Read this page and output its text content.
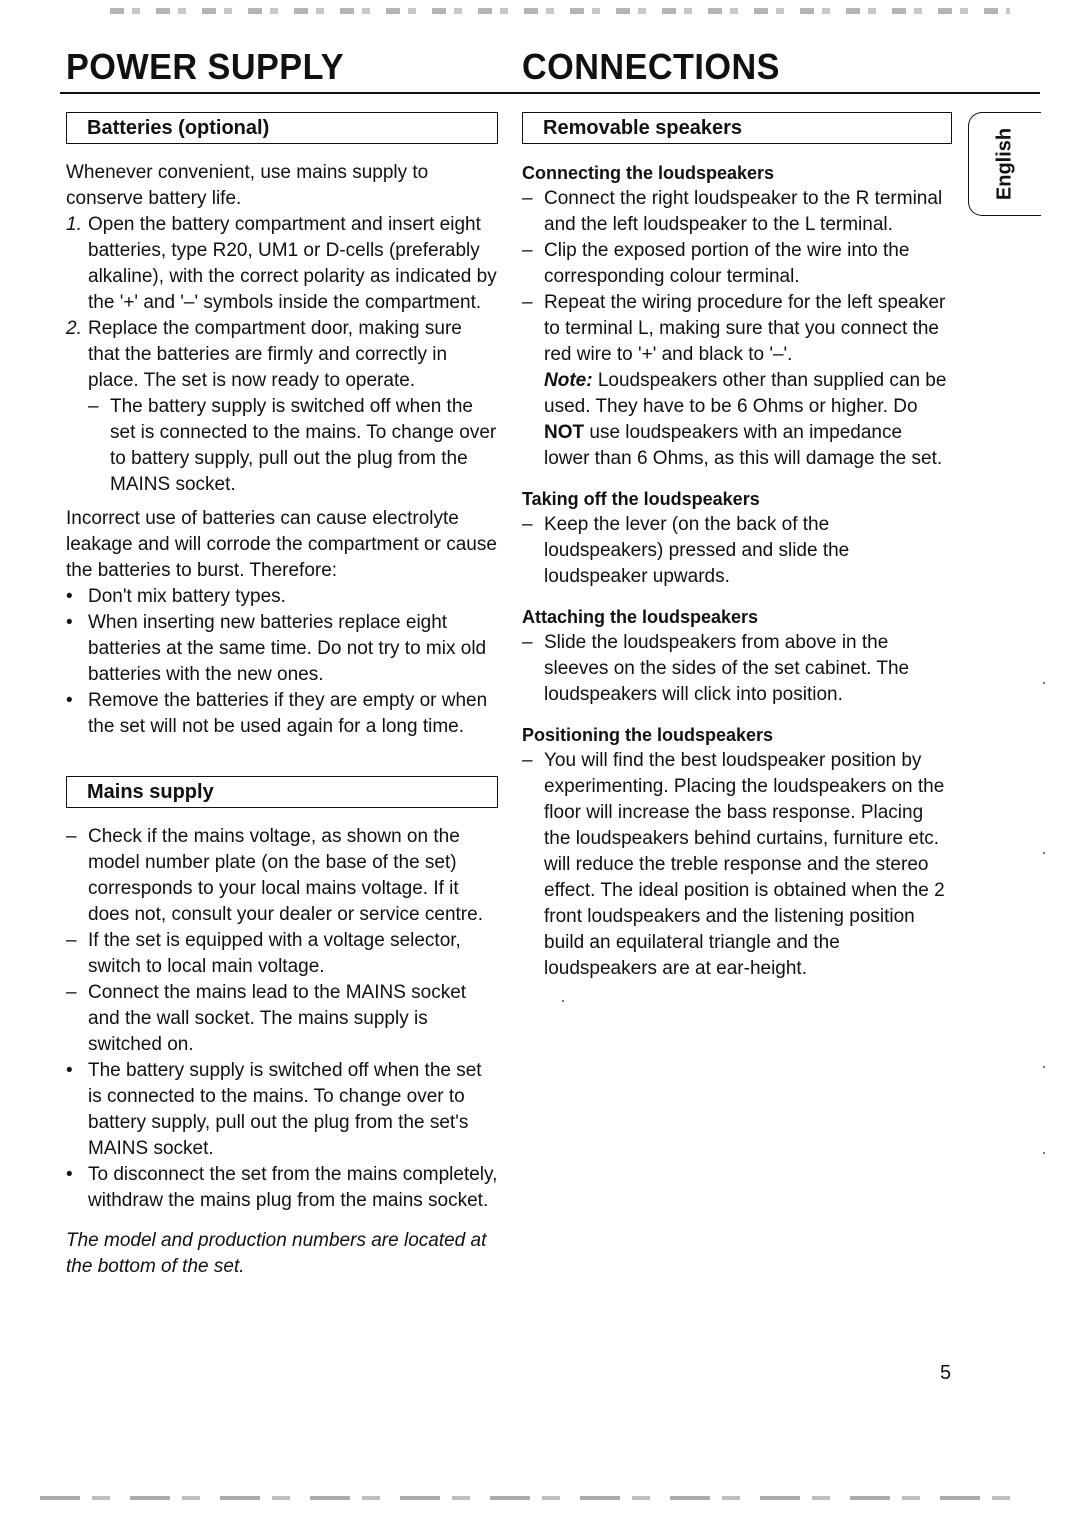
POWER SUPPLY	CONNECTIONS
Batteries (optional)

Whenever convenient, use mains supply to conserve battery life.

1. Open the battery compartment and insert eight batteries, type R20, UM1 or D-cells (preferably alkaline), with the correct polarity as indicated by the '+' and '–' symbols inside the compartment.
2. Replace the compartment door, making sure that the batteries are firmly and correctly in place. The set is now ready to operate.
– The battery supply is switched off when the set is connected to the mains. To change over to battery supply, pull out the plug from the MAINS socket.

Incorrect use of batteries can cause electrolyte leakage and will corrode the compartment or cause the batteries to burst. Therefore:

• Don't mix battery types.
• When inserting new batteries replace eight batteries at the same time. Do not try to mix old batteries with the new ones.
• Remove the batteries if they are empty or when the set will not be used again for a long time.
Mains supply
– Check if the mains voltage, as shown on the model number plate (on the base of the set) corresponds to your local mains voltage. If it does not, consult your dealer or service centre.
– If the set is equipped with a voltage selector, switch to local main voltage.
– Connect the mains lead to the MAINS socket and the wall socket. The mains supply is switched on.
• The battery supply is switched off when the set is connected to the mains. To change over to battery supply, pull out the plug from the set's MAINS socket.
• To disconnect the set from the mains completely, withdraw the mains plug from the mains socket.

The model and production numbers are located at the bottom of the set.

Removable speakers

Connecting the loudspeakers

– Connect the right loudspeaker to the R terminal and the left loudspeaker to the L terminal.
– Clip the exposed portion of the wire into the corresponding colour terminal.
– Repeat the wiring procedure for the left speaker to terminal L, making sure that you connect the red wire to '+' and black to '–'.

Note: Loudspeakers other than supplied can be used. They have to be 6 Ohms or higher. Do NOT use loudspeakers with an impedance lower than 6 Ohms, as this will damage the set.

Taking off the loudspeakers

– Keep the lever (on the back of the loudspeakers) pressed and slide the loudspeaker upwards.

Attaching the loudspeakers

– Slide the loudspeakers from above in the sleeves on the sides of the set cabinet. The loudspeakers will click into position.

Positioning the loudspeakers

– You will find the best loudspeaker position by experimenting. Placing the loudspeakers on the floor will increase the bass response. Placing the loudspeakers behind curtains, furniture etc. will reduce the treble response and the stereo effect. The ideal position is obtained when the 2 front loudspeakers and the listening position build an equilateral triangle and the loudspeakers are at ear-height.
English
5
